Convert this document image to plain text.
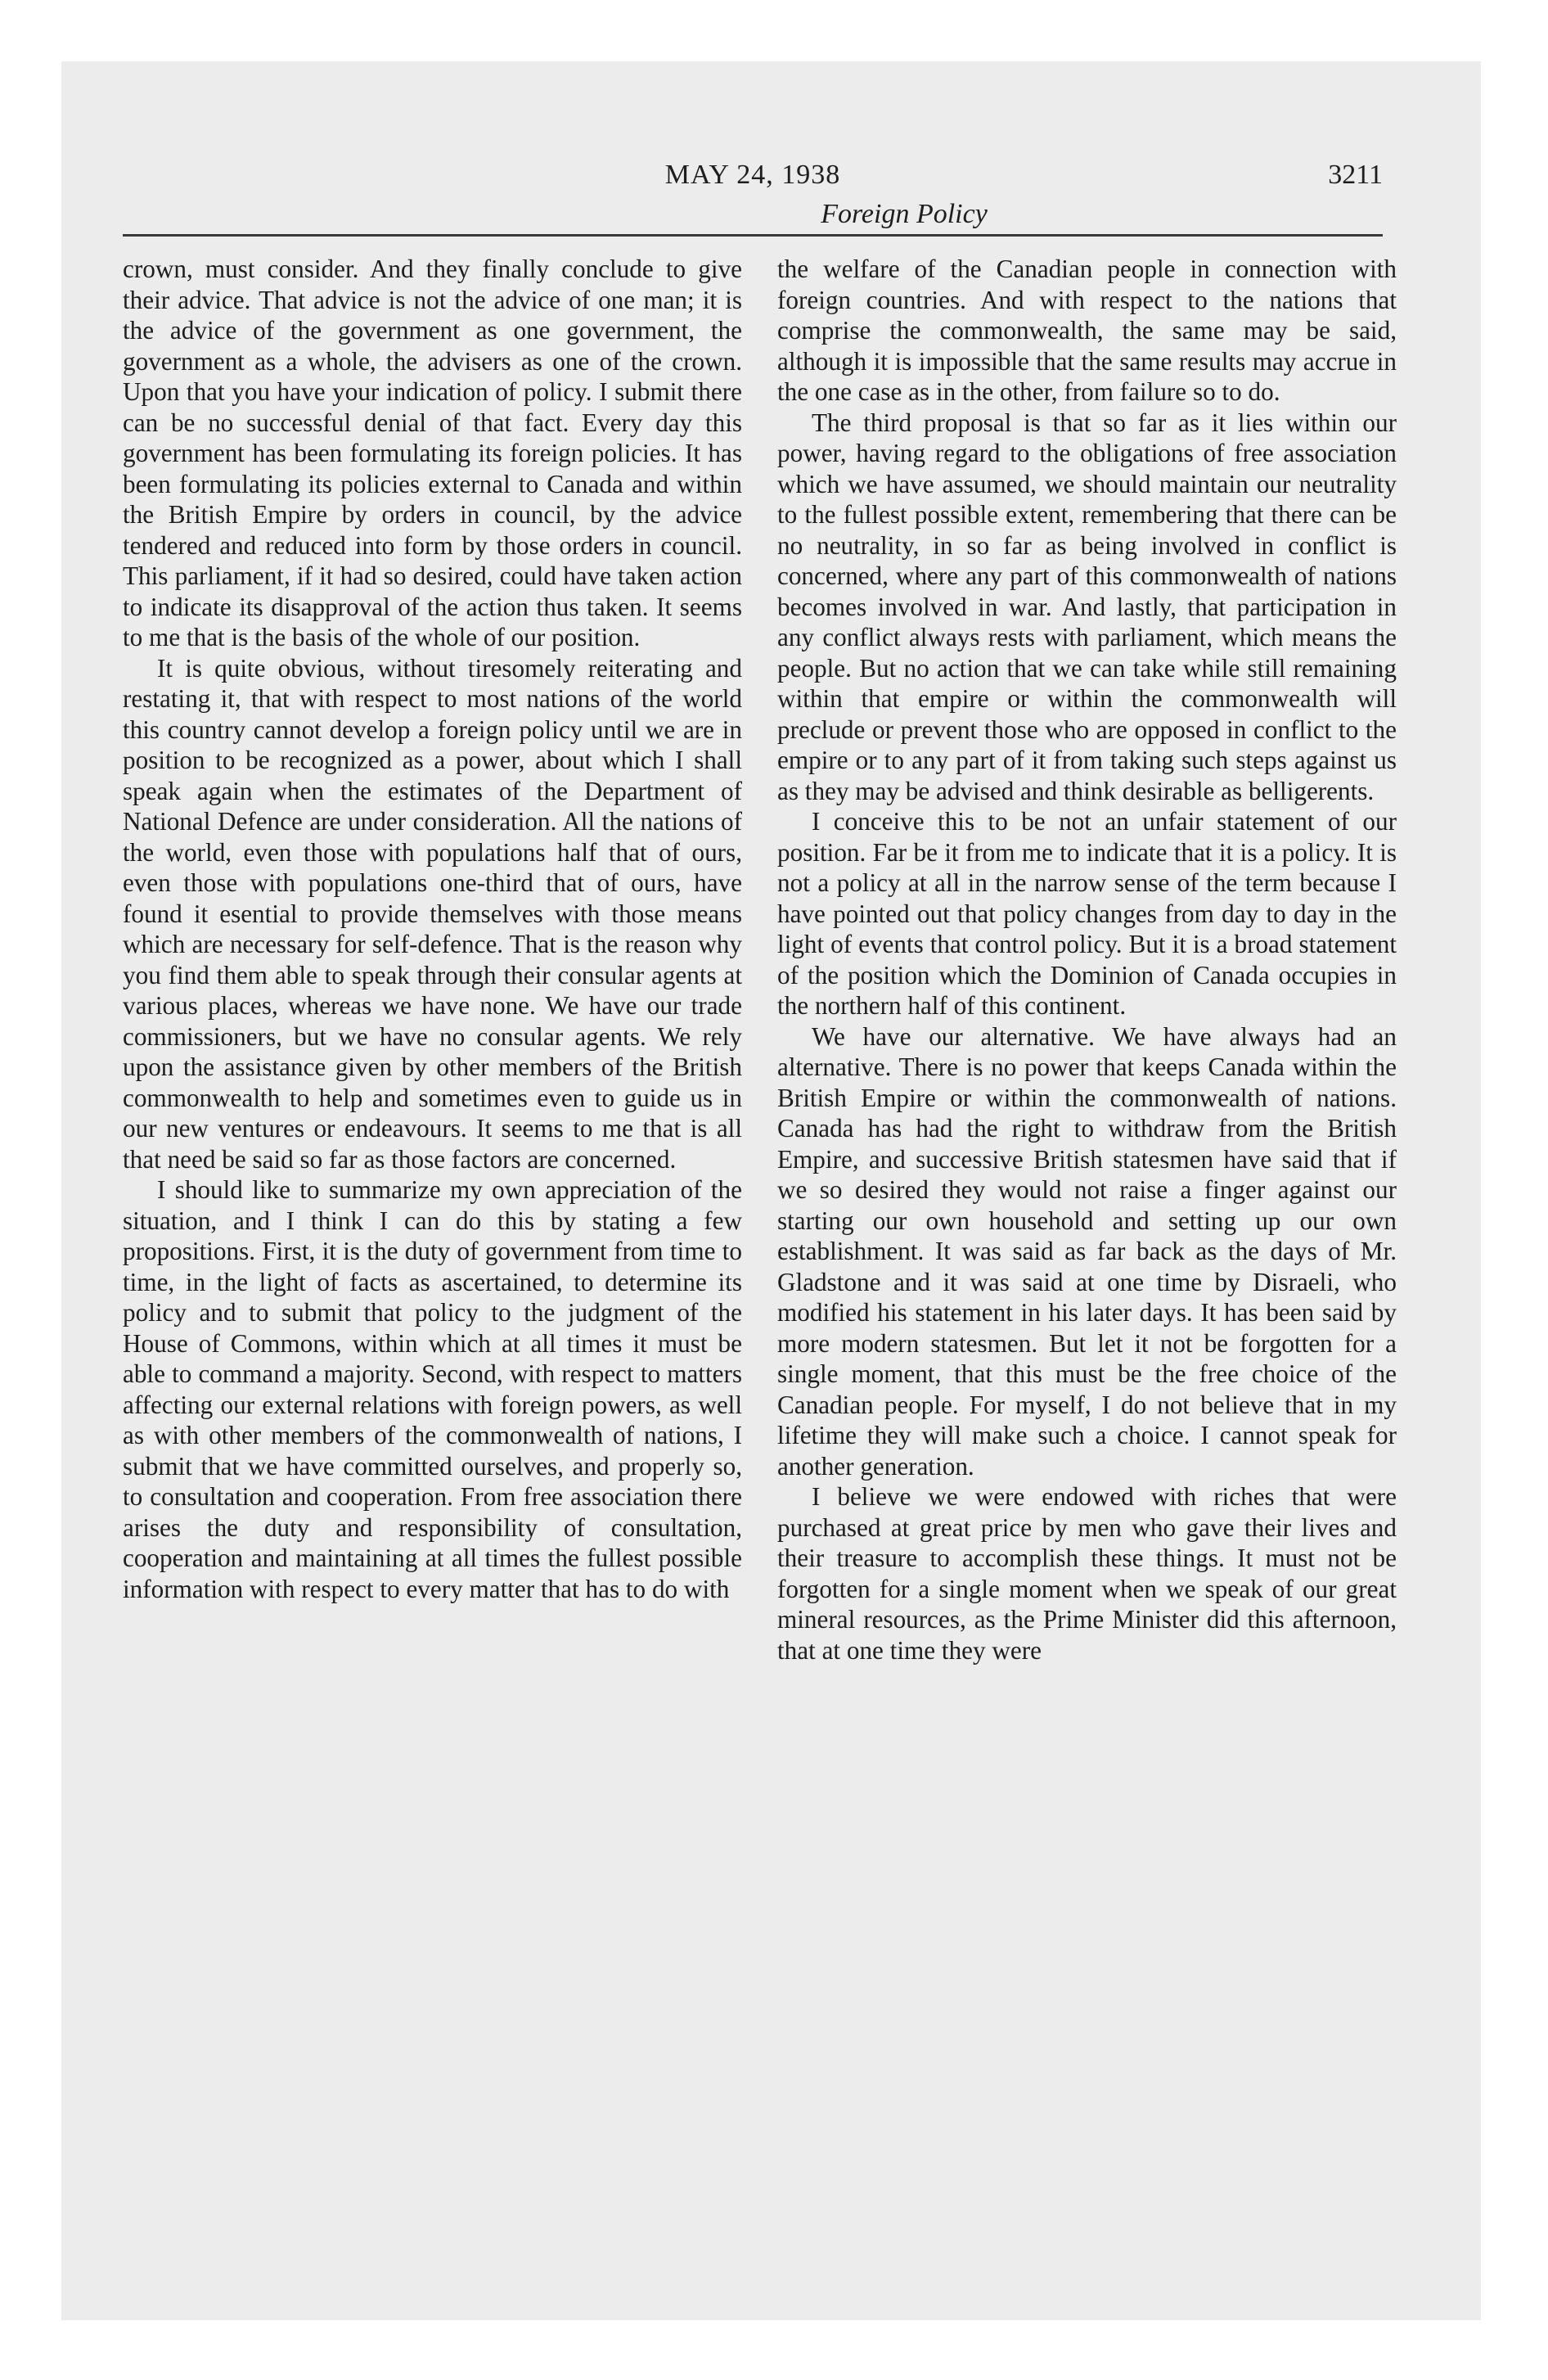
MAY 24, 1938	3211
Foreign Policy

crown, must consider. And they finally conclude to give their advice. That advice is not the advice of one man; it is the advice of the government as one government, the government as a whole, the advisers as one of the crown. Upon that you have your indication of policy. I submit there can be no successful denial of that fact. Every day this government has been formulating its foreign policies. It has been formulating its policies external to Canada and within the British Empire by orders in council, by the advice tendered and reduced into form by those orders in council. This parliament, if it had so desired, could have taken action to indicate its disapproval of the action thus taken. It seems to me that is the basis of the whole of our position.

It is quite obvious, without tiresomely reiterating and restating it, that with respect to most nations of the world this country cannot develop a foreign policy until we are in position to be recognized as a power, about which I shall speak again when the estimates of the Department of National Defence are under consideration. All the nations of the world, even those with populations half that of ours, even those with populations one-third that of ours, have found it esential to provide themselves with those means which are necessary for self-defence. That is the reason why you find them able to speak through their consular agents at various places, whereas we have none. We have our trade commissioners, but we have no consular agents. We rely upon the assistance given by other members of the British commonwealth to help and sometimes even to guide us in our new ventures or endeavours. It seems to me that is all that need be said so far as those factors are concerned.

I should like to summarize my own appreciation of the situation, and I think I can do this by stating a few propositions. First, it is the duty of government from time to time, in the light of facts as ascertained, to determine its policy and to submit that policy to the judgment of the House of Commons, within which at all times it must be able to command a majority. Second, with respect to matters affecting our external relations with foreign powers, as well as with other members of the commonwealth of nations, I submit that we have committed ourselves, and properly so, to consultation and cooperation. From free association there arises the duty and responsibility of consultation, cooperation and maintaining at all times the fullest possible information with respect to every matter that has to do with

the welfare of the Canadian people in connection with foreign countries. And with respect to the nations that comprise the commonwealth, the same may be said, although it is impossible that the same results may accrue in the one case as in the other, from failure so to do.

The third proposal is that so far as it lies within our power, having regard to the obligations of free association which we have assumed, we should maintain our neutrality to the fullest possible extent, remembering that there can be no neutrality, in so far as being involved in conflict is concerned, where any part of this commonwealth of nations becomes involved in war. And lastly, that participation in any conflict always rests with parliament, which means the people. But no action that we can take while still remaining within that empire or within the commonwealth will preclude or prevent those who are opposed in conflict to the empire or to any part of it from taking such steps against us as they may be advised and think desirable as belligerents.

I conceive this to be not an unfair statement of our position. Far be it from me to indicate that it is a policy. It is not a policy at all in the narrow sense of the term because I have pointed out that policy changes from day to day in the light of events that control policy. But it is a broad statement of the position which the Dominion of Canada occupies in the northern half of this continent.

We have our alternative. We have always had an alternative. There is no power that keeps Canada within the British Empire or within the commonwealth of nations. Canada has had the right to withdraw from the British Empire, and successive British statesmen have said that if we so desired they would not raise a finger against our starting our own household and setting up our own establishment. It was said as far back as the days of Mr. Gladstone and it was said at one time by Disraeli, who modified his statement in his later days. It has been said by more modern statesmen. But let it not be forgotten for a single moment, that this must be the free choice of the Canadian people. For myself, I do not believe that in my lifetime they will make such a choice. I cannot speak for another generation.

I believe we were endowed with riches that were purchased at great price by men who gave their lives and their treasure to accomplish these things. It must not be forgotten for a single moment when we speak of our great mineral resources, as the Prime Minister did this afternoon, that at one time they were
